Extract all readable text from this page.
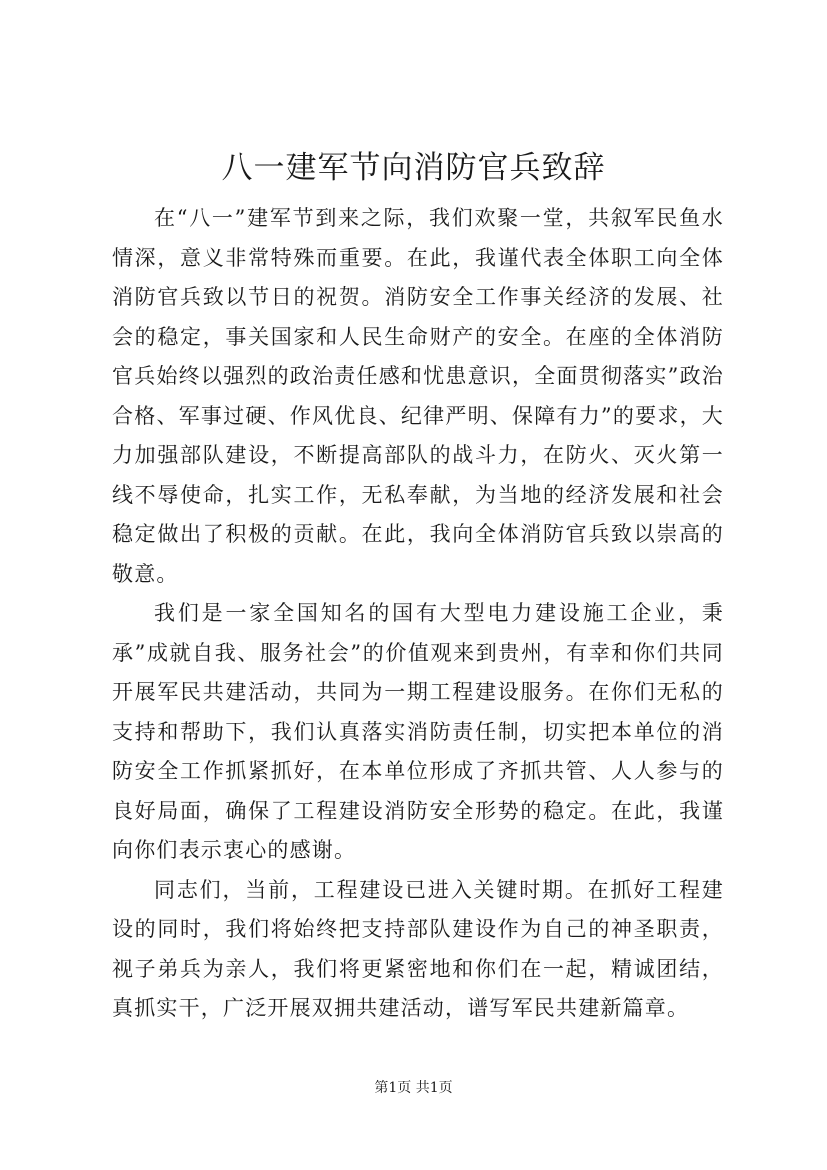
八一建军节向消防官兵致辞

在“八一”建军节到来之际，我们欢聚一堂，共叙军民鱼水情深，意义非常特殊而重要。在此，我谨代表全体职工向全体消防官兵致以节日的祝贺。消防安全工作事关经济的发展、社会的稳定，事关国家和人民生命财产的安全。在座的全体消防官兵始终以强烈的政治责任感和忧患意识，全面贯彻落实”政治合格、军事过硬、作风优良、纪律严明、保障有力”的要求，大力加强部队建设，不断提高部队的战斗力，在防火、灭火第一线不辱使命，扎实工作，无私奉献，为当地的经济发展和社会稳定做出了积极的贡献。在此，我向全体消防官兵致以崇高的敬意。

我们是一家全国知名的国有大型电力建设施工企业，秉承”成就自我、服务社会”的价值观来到贵州，有幸和你们共同开展军民共建活动，共同为一期工程建设服务。在你们无私的支持和帮助下，我们认真落实消防责任制，切实把本单位的消防安全工作抓紧抓好，在本单位形成了齐抓共管、人人参与的良好局面，确保了工程建设消防安全形势的稳定。在此，我谨向你们表示衷心的感谢。

同志们，当前，工程建设已进入关键时期。在抓好工程建设的同时，我们将始终把支持部队建设作为自己的神圣职责，视子弟兵为亲人，我们将更紧密地和你们在一起，精诚团结，真抓实干，广泛开展双拥共建活动，谱写军民共建新篇章。

第1页 共1页
